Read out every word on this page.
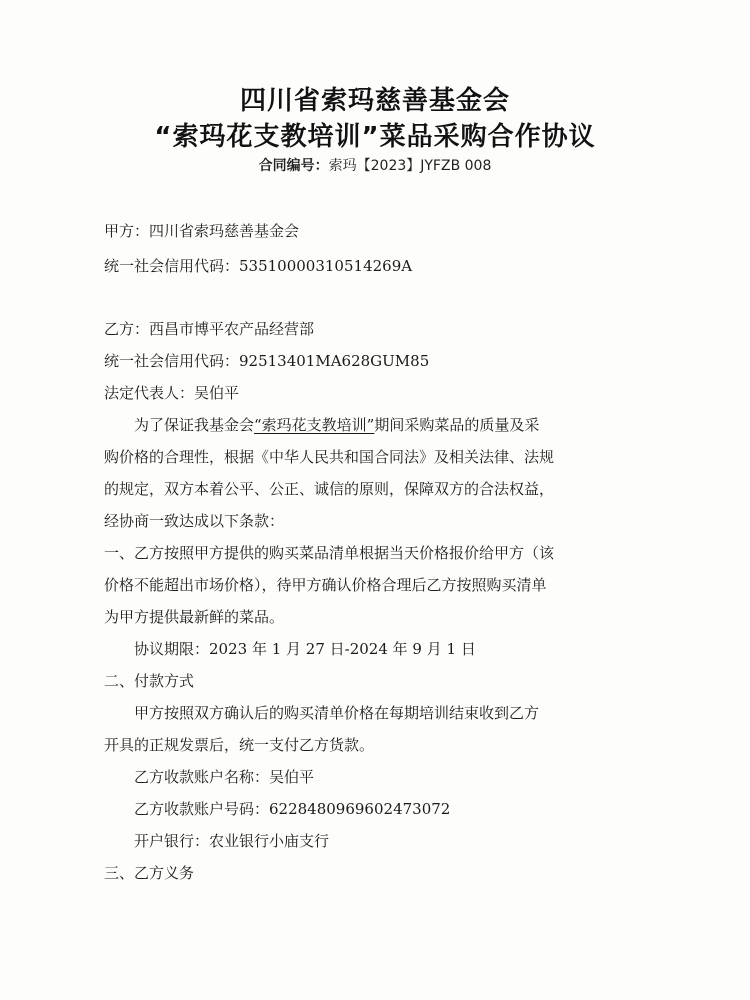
四川省索玛慈善基金会
“索玛花支教培训”菜品采购合作协议
合同编号：索玛【2023】JYFZB 008
甲方：四川省索玛慈善基金会
统一社会信用代码：53510000310514269A
乙方：西昌市博平农产品经营部
统一社会信用代码：92513401MA628GUM85
法定代表人：吴伯平
为了保证我基金会“索玛花支教培训”期间采购菜品的质量及采
购价格的合理性，根据《中华人民共和国合同法》及相关法律、法规
的规定，双方本着公平、公正、诚信的原则，保障双方的合法权益，
经协商一致达成以下条款：
一、乙方按照甲方提供的购买菜品清单根据当天价格报价给甲方（该
价格不能超出市场价格），待甲方确认价格合理后乙方按照购买清单
为甲方提供最新鲜的菜品。
协议期限：2023 年 1 月 27 日-2024 年 9 月 1 日
二、付款方式
甲方按照双方确认后的购买清单价格在每期培训结束收到乙方
开具的正规发票后，统一支付乙方货款。
乙方收款账户名称：吴伯平
乙方收款账户号码：6228480969602473072
开户银行：农业银行小庙支行
三、乙方义务
